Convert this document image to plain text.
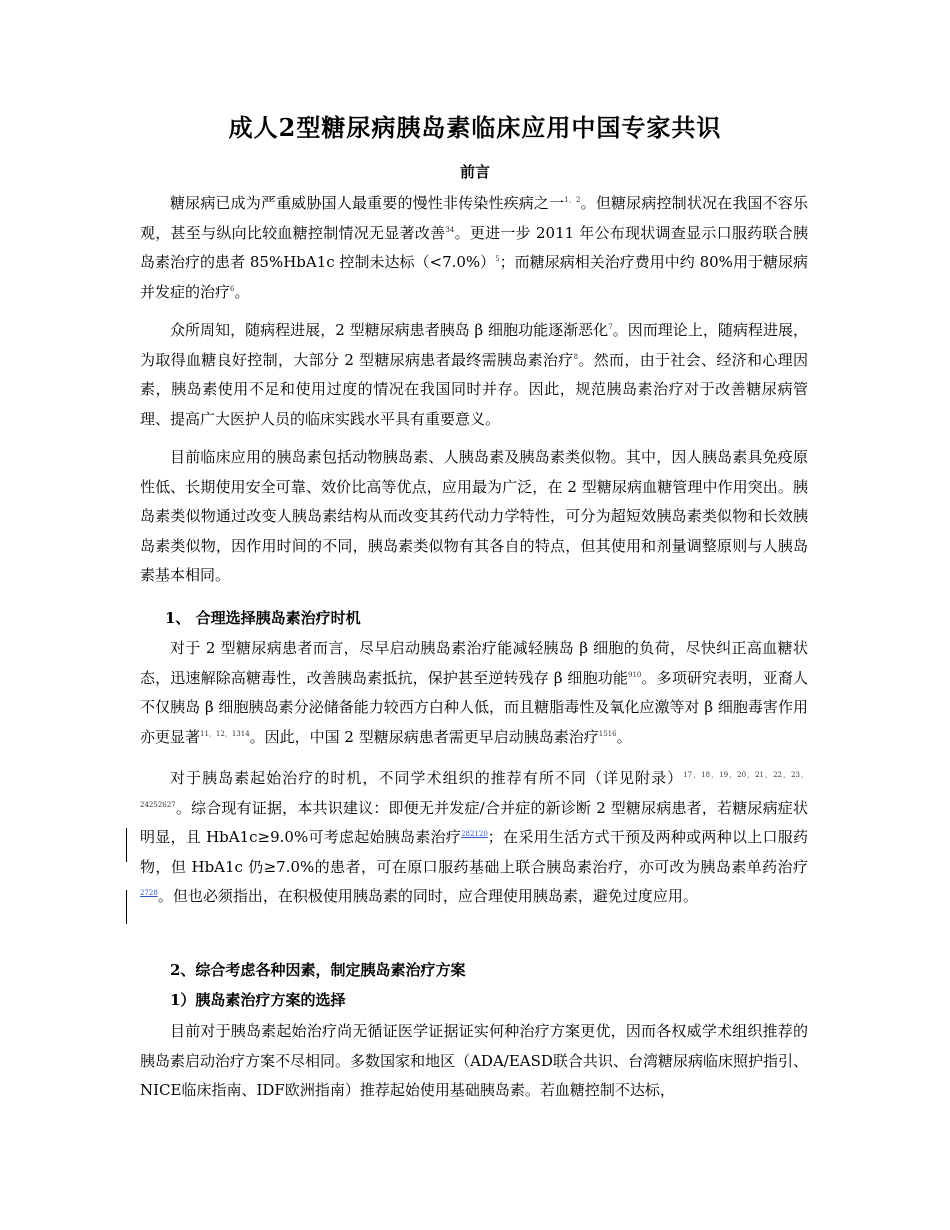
成人2型糖尿病胰岛素临床应用中国专家共识
前言

糖尿病已成为严重威胁国人最重要的慢性非传染性疾病之一$^{1,2}$。但糖尿病控制状况在我国不容乐观，甚至与纵向比较血糖控制情况无显著改善$^{34}$。更进一步 2011 年公布现状调查显示口服药联合胰岛素治疗的患者 85%HbA1c 控制未达标（<7.0%）$^5$；而糖尿病相关治疗费用中约 80%用于糖尿病并发症的治疗$^6$。

众所周知，随病程进展，2 型糖尿病患者胰岛 β 细胞功能逐渐恶化$^7$。因而理论上，随病程进展，为取得血糖良好控制，大部分 2 型糖尿病患者最终需胰岛素治疗$^8$。然而，由于社会、经济和心理因素，胰岛素使用不足和使用过度的情况在我国同时并存。因此，规范胰岛素治疗对于改善糖尿病管理、提高广大医护人员的临床实践水平具有重要意义。

目前临床应用的胰岛素包括动物胰岛素、人胰岛素及胰岛素类似物。其中，因人胰岛素具免疫原性低、长期使用安全可靠、效价比高等优点，应用最为广泛，在 2 型糖尿病血糖管理中作用突出。胰岛素类似物通过改变人胰岛素结构从而改变其药代动力学特性，可分为超短效胰岛素类似物和长效胰岛素类似物，因作用时间的不同，胰岛素类似物有其各自的特点，但其使用和剂量调整原则与人胰岛素基本相同。

1、 合理选择胰岛素治疗时机

对于 2 型糖尿病患者而言，尽早启动胰岛素治疗能减轻胰岛 β 细胞的负荷，尽快纠正高血糖状态，迅速解除高糖毒性，改善胰岛素抵抗，保护甚至逆转残存 β 细胞功能$^{910}$。多项研究表明，亚裔人不仅胰岛 β 细胞胰岛素分泌储备能力较西方白种人低，而且糖脂毒性及氧化应激等对 β 细胞毒害作用亦更显著$^{11,12,1314}$。因此，中国 2 型糖尿病患者需更早启动胰岛素治疗$^{1516}$。

对于胰岛素起始治疗的时机，不同学术组织的推荐有所不同（详见附录）$^{17,18,19,20,21,22,23,24252627}$。综合现有证据，本共识建议：即便无并发症/合并症的新诊断 2 型糖尿病患者，若糖尿病症状明显，且 HbA1c≥9.0%可考虑起始胰岛素治疗$^{282120}$；在采用生活方式干预及两种或两种以上口服药物，但 HbA1c 仍≥7.0%的患者，可在原口服药基础上联合胰岛素治疗，亦可改为胰岛素单药治疗 $^{2728}$。但也必须指出，在积极使用胰岛素的同时，应合理使用胰岛素，避免过度应用。

2、综合考虑各种因素，制定胰岛素治疗方案
1）胰岛素治疗方案的选择

目前对于胰岛素起始治疗尚无循证医学证据证实何种治疗方案更优，因而各权威学术组织推荐的胰岛素启动治疗方案不尽相同。多数国家和地区（ADA/EASD联合共识、台湾糖尿病临床照护指引、NICE临床指南、IDF欧洲指南）推荐起始使用基础胰岛素。若血糖控制不达标，
